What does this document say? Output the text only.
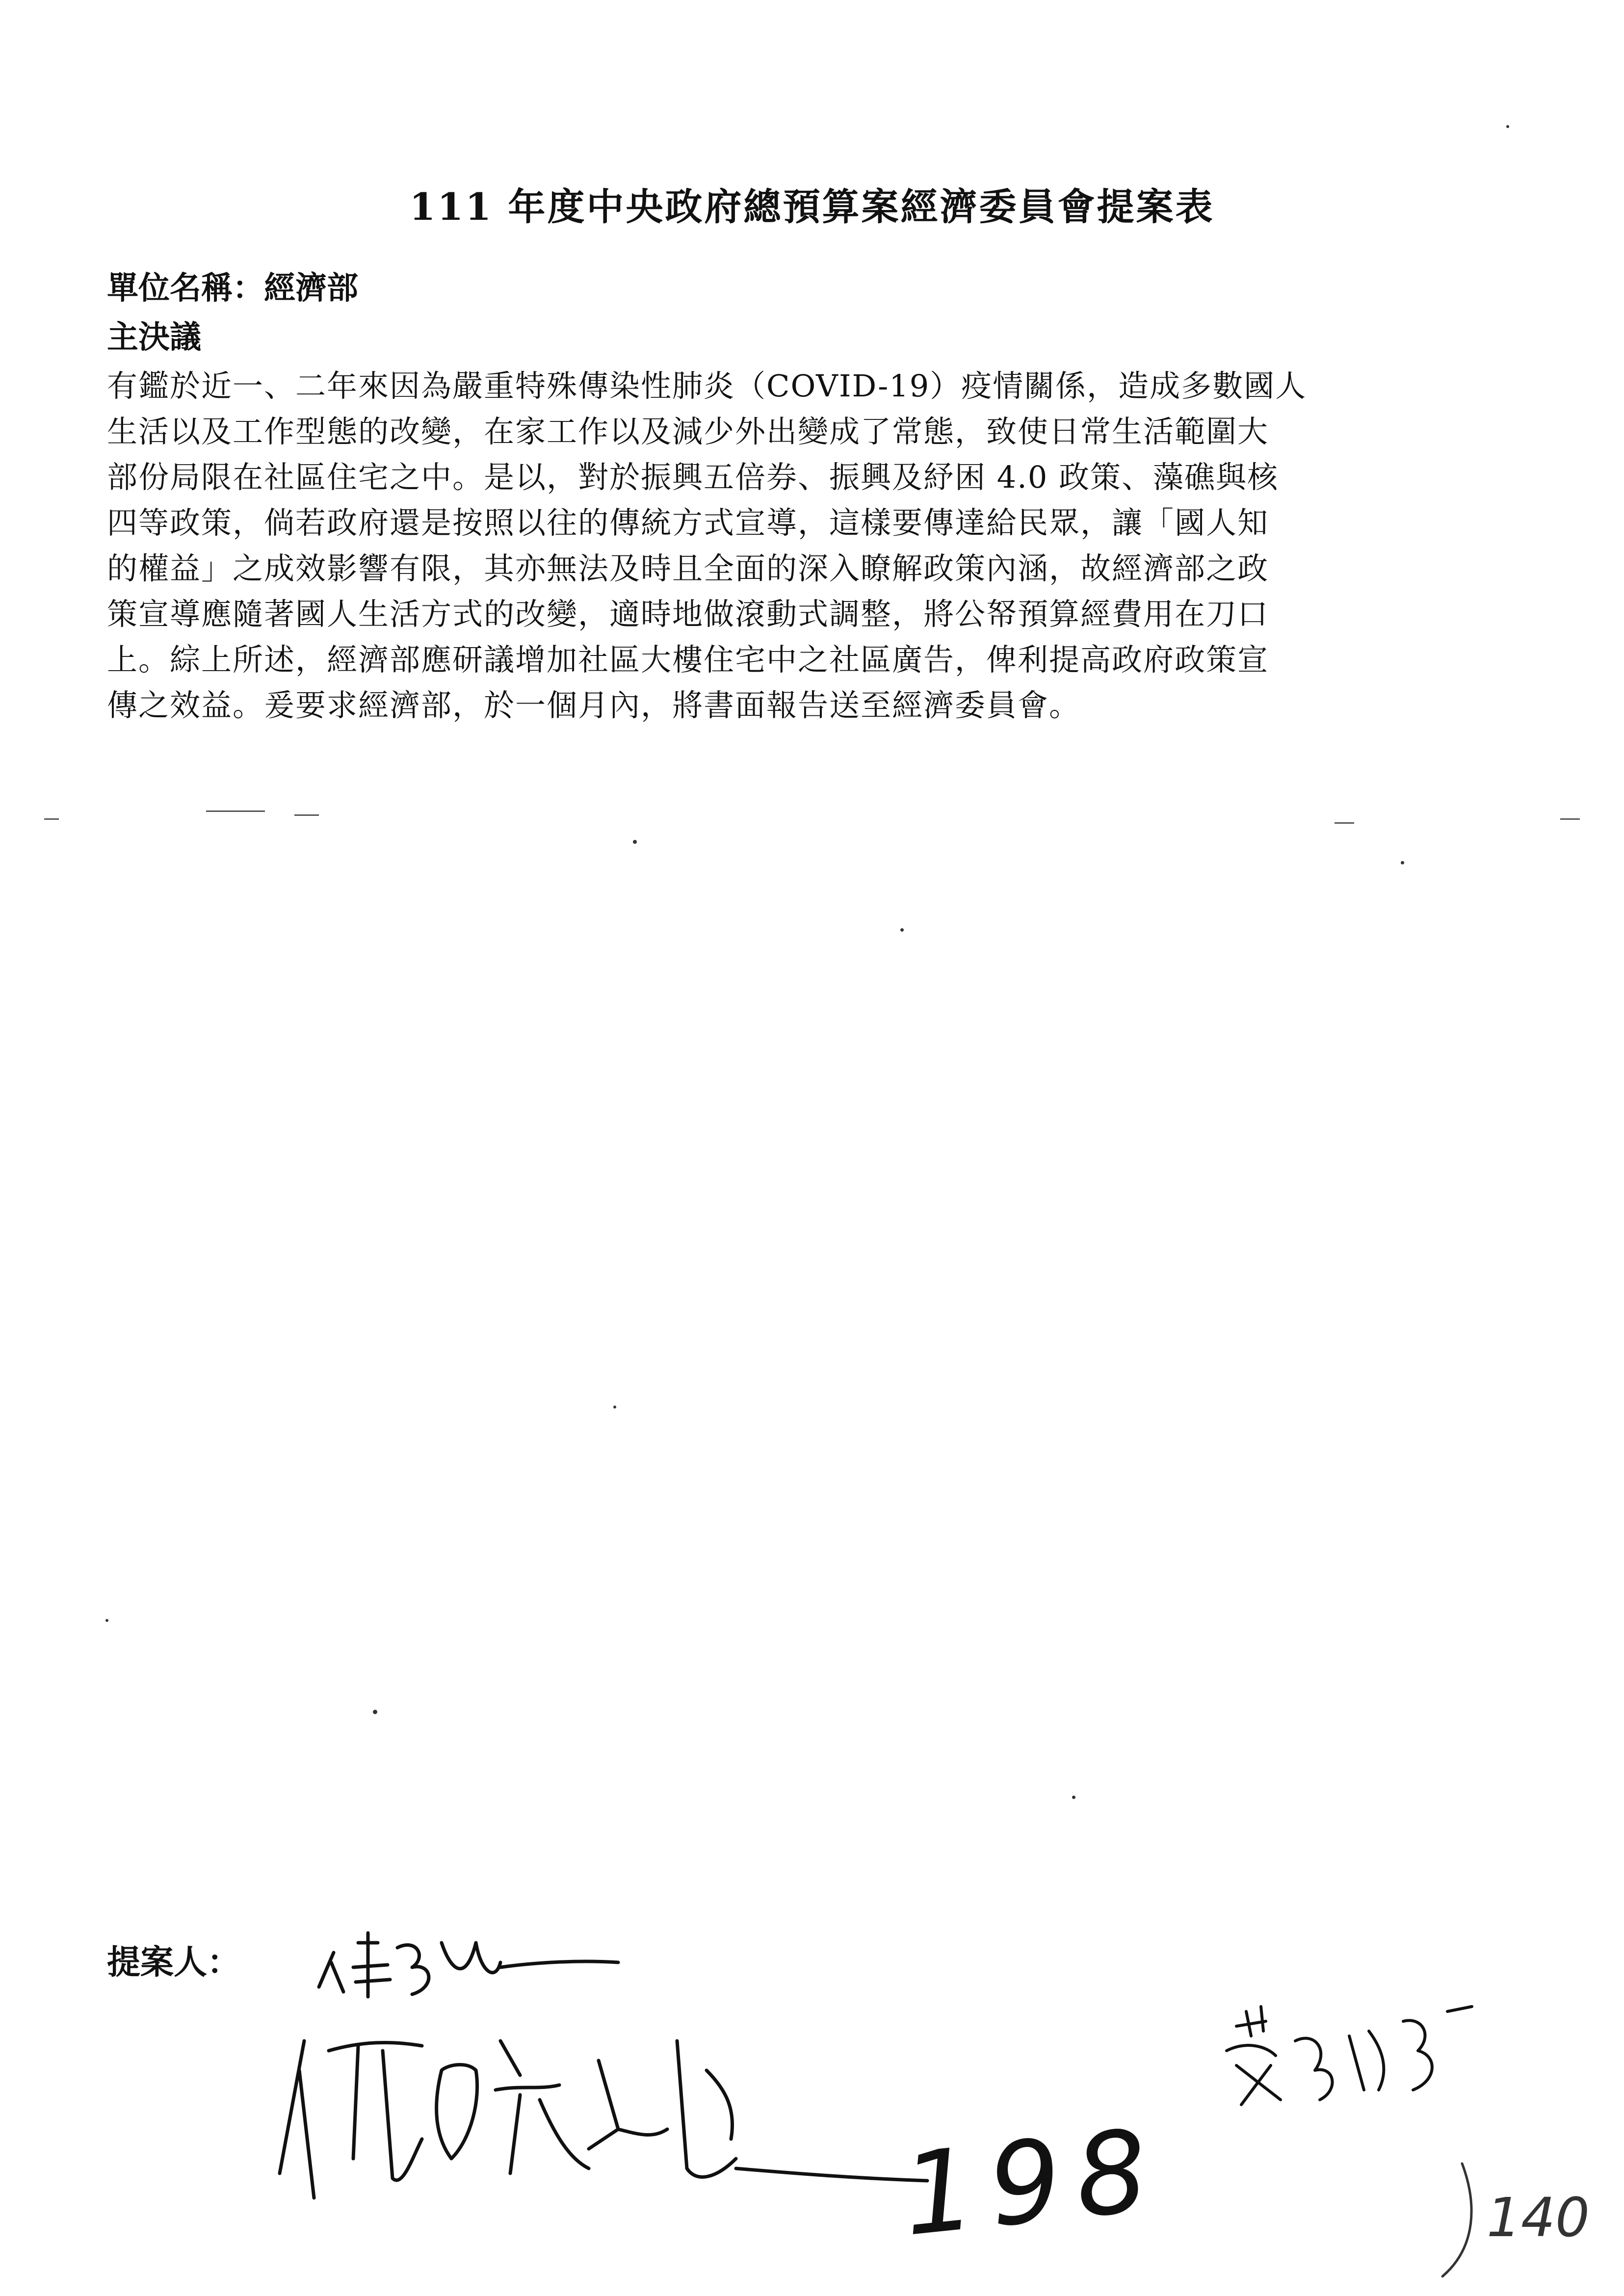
111 年度中央政府總預算案經濟委員會提案表
單位名稱：經濟部
主決議
有鑑於近一、二年來因為嚴重特殊傳染性肺炎（COVID-19）疫情關係，造成多數國人
生活以及工作型態的改變，在家工作以及減少外出變成了常態，致使日常生活範圍大
部份局限在社區住宅之中。是以，對於振興五倍券、振興及紓困 4.0 政策、藻礁與核
四等政策，倘若政府還是按照以往的傳統方式宣導，這樣要傳達給民眾，讓「國人知
的權益」之成效影響有限，其亦無法及時且全面的深入瞭解政策內涵，故經濟部之政
策宣導應隨著國人生活方式的改變，適時地做滾動式調整，將公帑預算經費用在刀口
上。綜上所述，經濟部應研議增加社區大樓住宅中之社區廣告，俾利提高政府政策宣
傳之效益。爰要求經濟部，於一個月內，將書面報告送至經濟委員會。
提案人：
198	140
